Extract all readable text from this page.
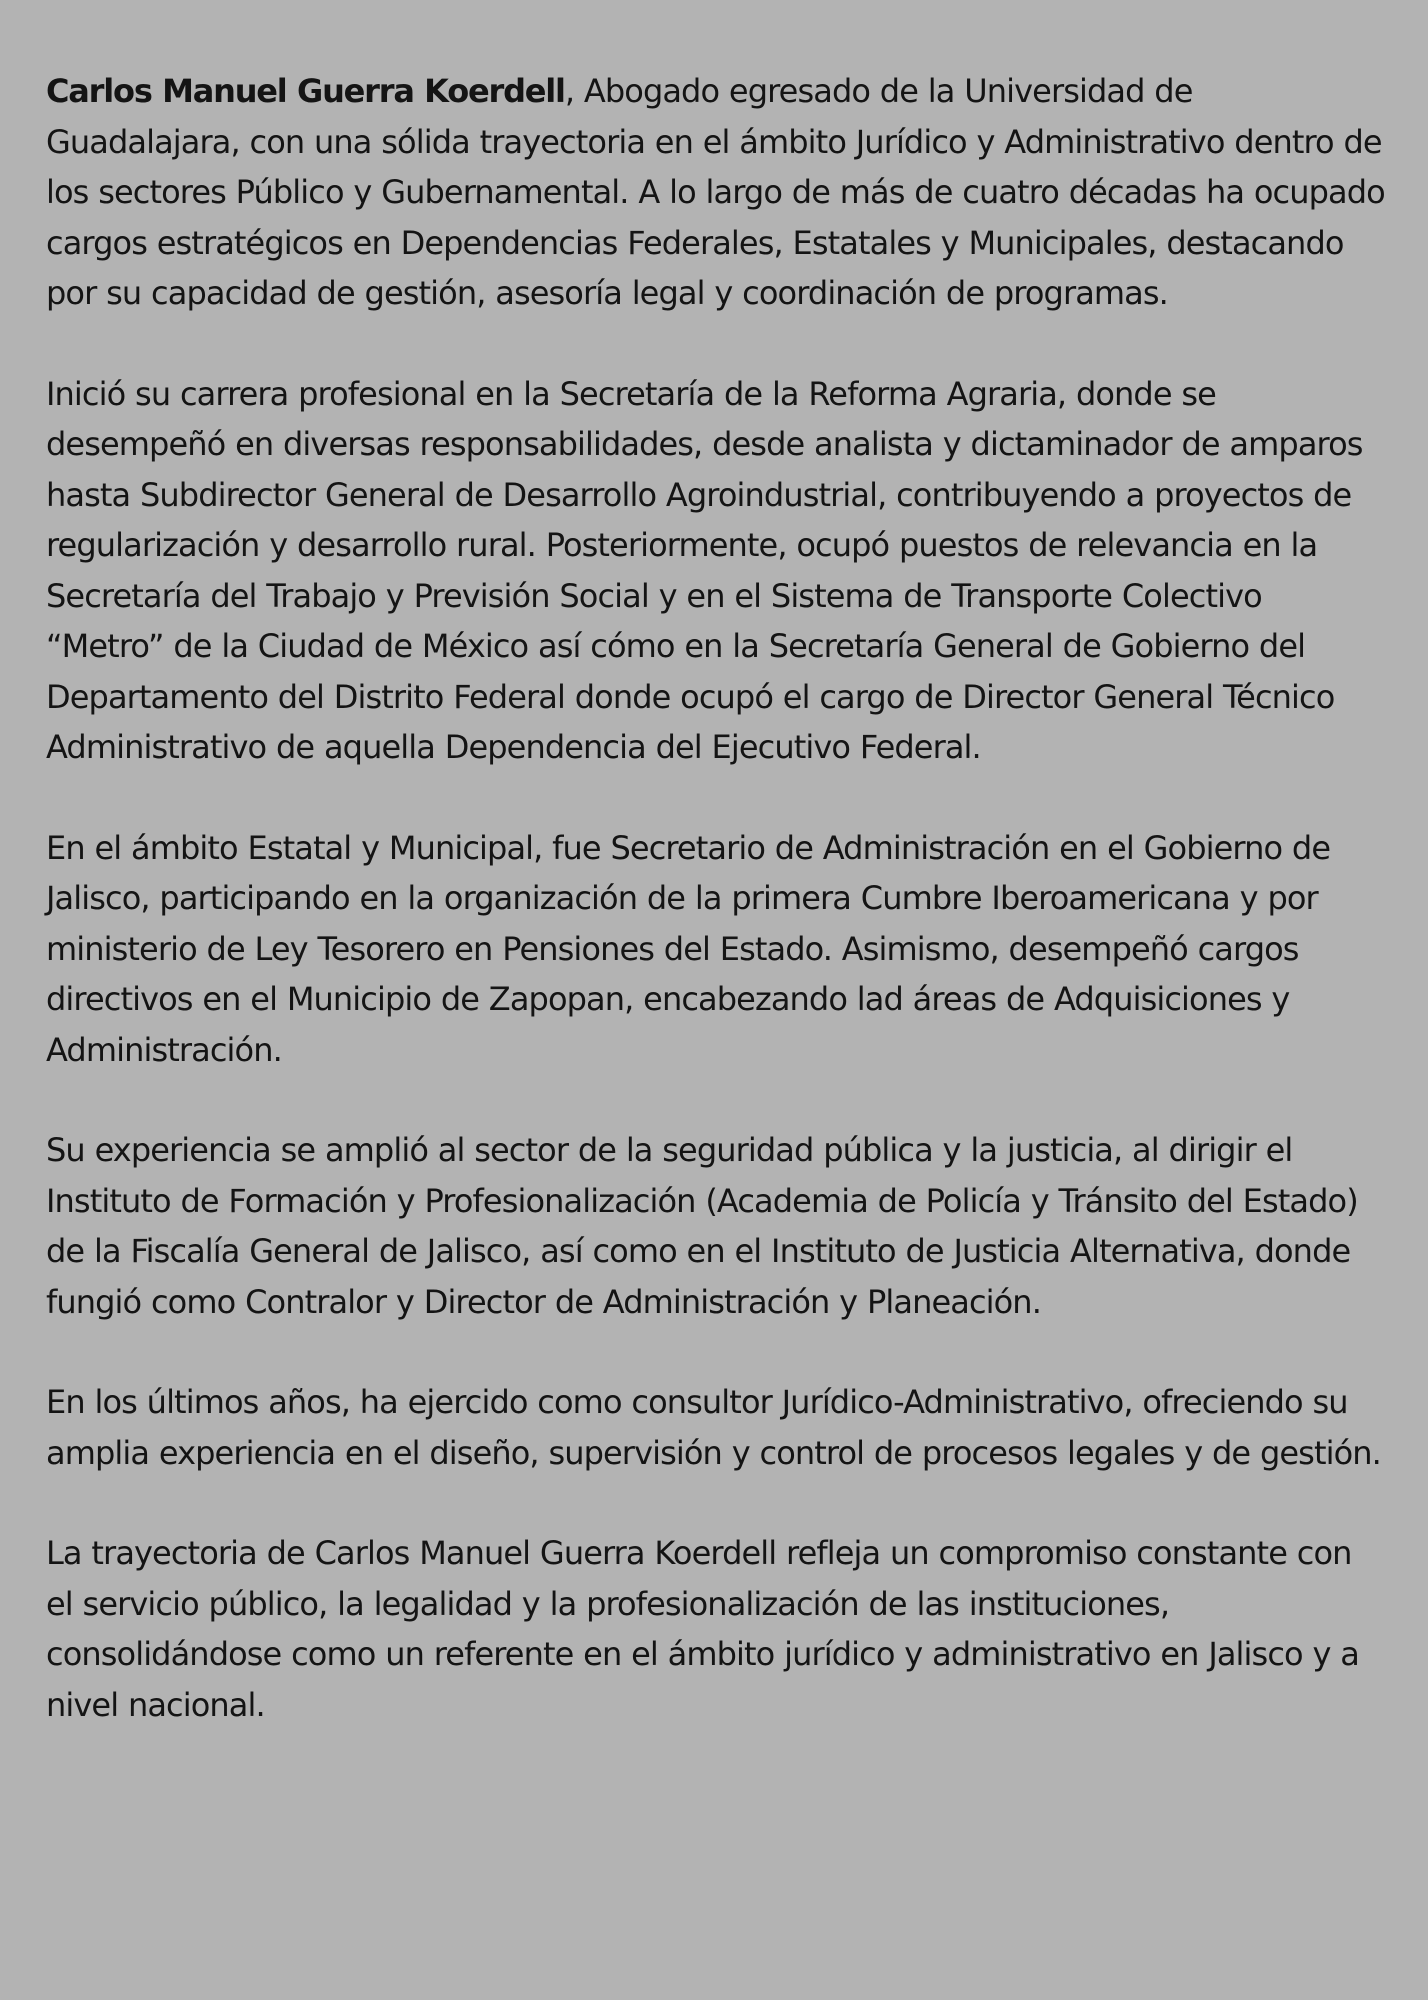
Carlos Manuel Guerra Koerdell, Abogado egresado de la Universidad de Guadalajara, con una sólida trayectoria en el ámbito Jurídico y Administrativo dentro de los sectores Público y Gubernamental. A lo largo de más de cuatro décadas ha ocupado cargos estratégicos en Dependencias Federales, Estatales y Municipales, destacando por su capacidad de gestión, asesoría legal y coordinación de programas.

Inició su carrera profesional en la Secretaría de la Reforma Agraria, donde se desempeñó en diversas responsabilidades, desde analista y dictaminador de amparos hasta Subdirector General de Desarrollo Agroindustrial, contribuyendo a proyectos de regularización y desarrollo rural. Posteriormente, ocupó puestos de relevancia en la Secretaría del Trabajo y Previsión Social y en el Sistema de Transporte Colectivo “Metro” de la Ciudad de México así cómo en la Secretaría General de Gobierno del Departamento del Distrito Federal donde ocupó el cargo de Director General Técnico Administrativo de aquella Dependencia del Ejecutivo Federal.

En el ámbito Estatal y Municipal, fue Secretario de Administración en el Gobierno de Jalisco, participando en la organización de la primera Cumbre Iberoamericana y por ministerio de Ley Tesorero en Pensiones del Estado. Asimismo, desempeñó cargos directivos en el Municipio de Zapopan, encabezando lad áreas de Adquisiciones y Administración.

Su experiencia se amplió al sector de la seguridad pública y la justicia, al dirigir el Instituto de Formación y Profesionalización (Academia de Policía y Tránsito del Estado) de la Fiscalía General de Jalisco, así como en el Instituto de Justicia Alternativa, donde fungió como Contralor y Director de Administración y Planeación.

En los últimos años, ha ejercido como consultor Jurídico-Administrativo, ofreciendo su amplia experiencia en el diseño, supervisión y control de procesos legales y de gestión.

La trayectoria de Carlos Manuel Guerra Koerdell refleja un compromiso constante con el servicio público, la legalidad y la profesionalización de las instituciones, consolidándose como un referente en el ámbito jurídico y administrativo en Jalisco y a nivel nacional.
